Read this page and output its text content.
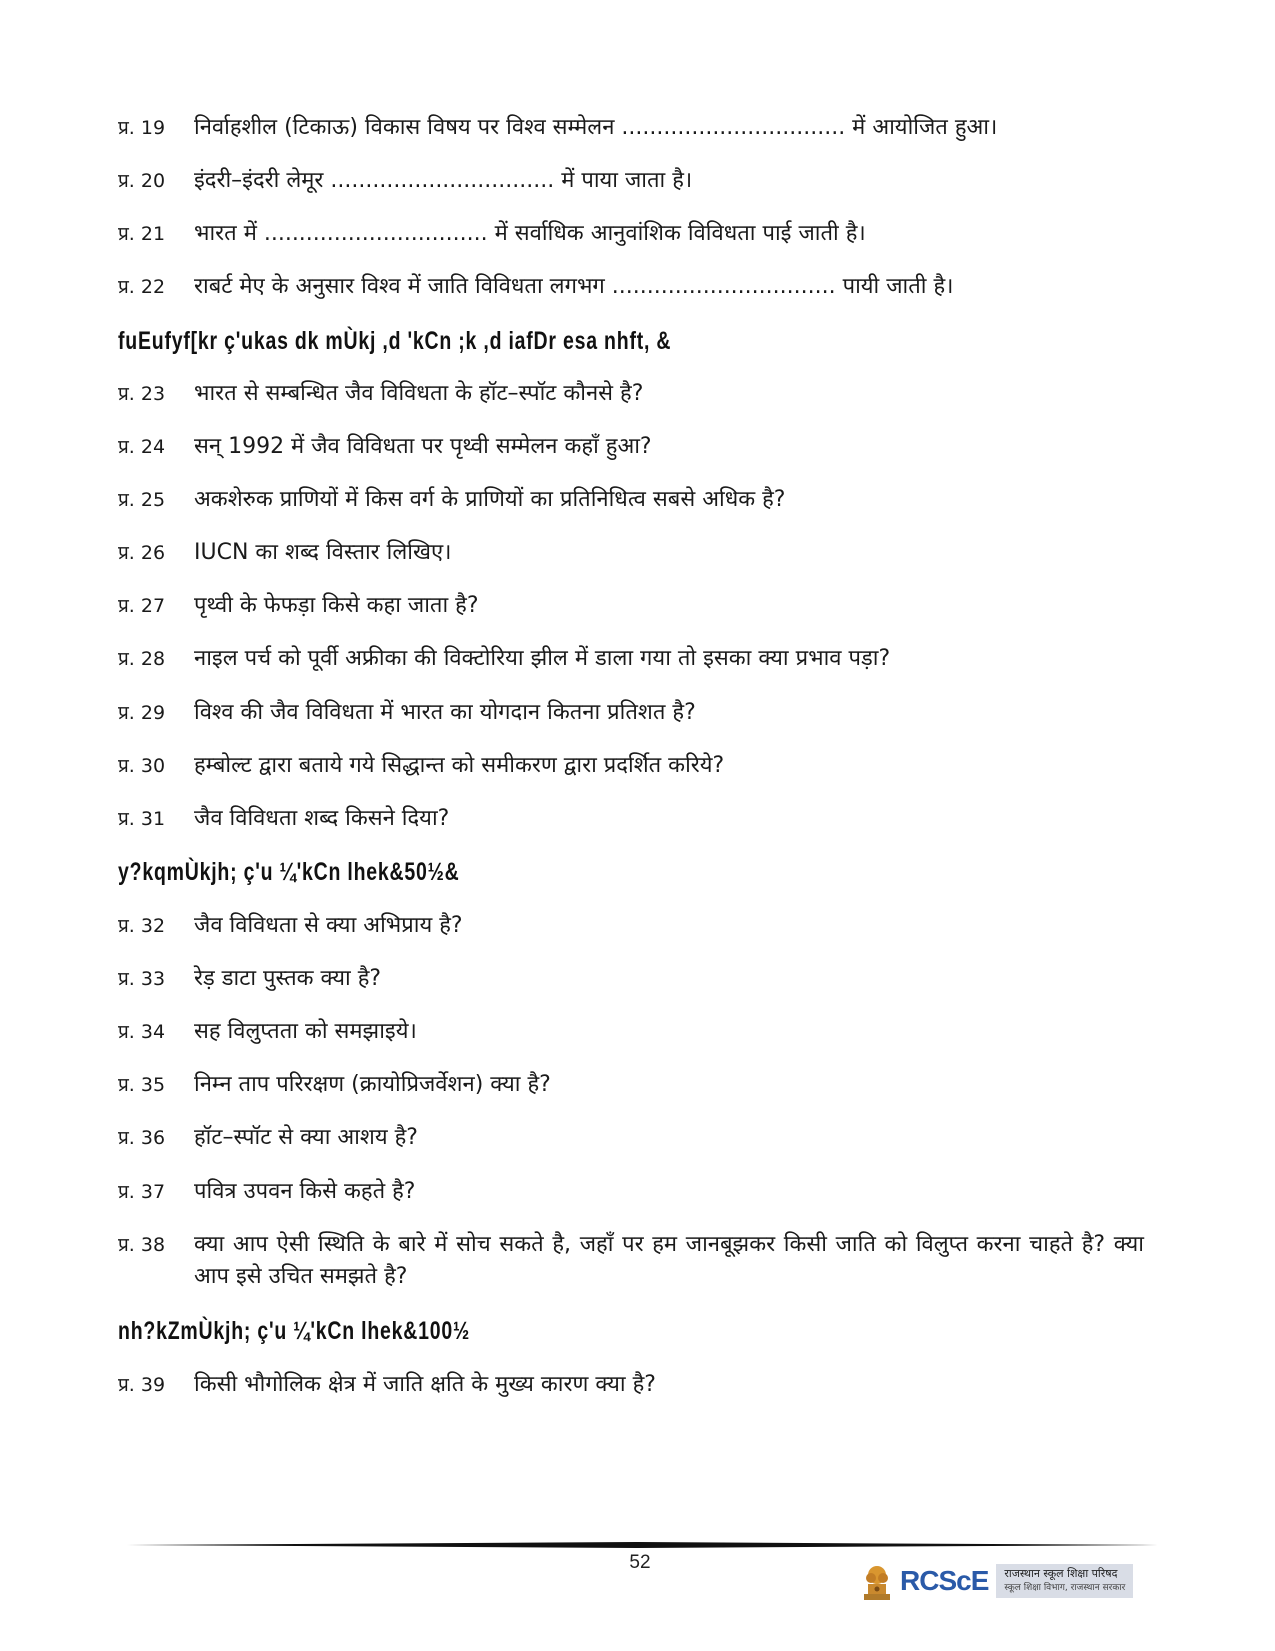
प्र. 19 निर्वाहशील (टिकाऊ) विकास विषय पर विश्व सम्मेलन ................................ में आयोजित हुआ।
प्र. 20 इंदरी–इंदरी लेमूर ................................ में पाया जाता है।
प्र. 21 भारत में ................................ में सर्वाधिक आनुवांशिक विविधता पाई जाती है।
प्र. 22 राबर्ट मेए के अनुसार विश्व में जाति विविधता लगभग ................................ पायी जाती है।
fuEufyf[kr ç'ukas dk mÙkj ,d 'kCn ;k ,d iafDr esa nhft, &
प्र. 23 भारत से सम्बन्धित जैव विविधता के हॉट–स्पॉट कौनसे है?
प्र. 24 सन् 1992 में जैव विविधता पर पृथ्वी सम्मेलन कहाँ हुआ?
प्र. 25 अकशेरुक प्राणियों में किस वर्ग के प्राणियों का प्रतिनिधित्व सबसे अधिक है?
प्र. 26 IUCN का शब्द विस्तार लिखिए।
प्र. 27 पृथ्वी के फेफड़ा किसे कहा जाता है?
प्र. 28 नाइल पर्च को पूर्वी अफ्रीका की विक्टोरिया झील में डाला गया तो इसका क्या प्रभाव पड़ा?
प्र. 29 विश्व की जैव विविधता में भारत का योगदान कितना प्रतिशत है?
प्र. 30 हम्बोल्ट द्वारा बताये गये सिद्धान्त को समीकरण द्वारा प्रदर्शित करिये?
प्र. 31 जैव विविधता शब्द किसने दिया?
y?kqmÙkjh; ç'u ¼'kCn lhek&50½&
प्र. 32 जैव विविधता से क्या अभिप्राय है?
प्र. 33 रेड़ डाटा पुस्तक क्या है?
प्र. 34 सह विलुप्तता को समझाइये।
प्र. 35 निम्न ताप परिरक्षण (क्रायोप्रिजर्वेशन) क्या है?
प्र. 36 हॉट–स्पॉट से क्या आशय है?
प्र. 37 पवित्र उपवन किसे कहते है?
प्र. 38 क्या आप ऐसी स्थिति के बारे में सोच सकते है, जहाँ पर हम जानबूझकर किसी जाति को विलुप्त करना चाहते है? क्या आप इसे उचित समझते है?
nh?kZmÙkjh; ç'u ¼'kCn lhek&100½
प्र. 39 किसी भौगोलिक क्षेत्र में जाति क्षति के मुख्य कारण क्या है?
52
RCScE राजस्थान स्कूल शिक्षा परिषद
स्कूल शिक्षा विभाग, राजस्थान सरकार
